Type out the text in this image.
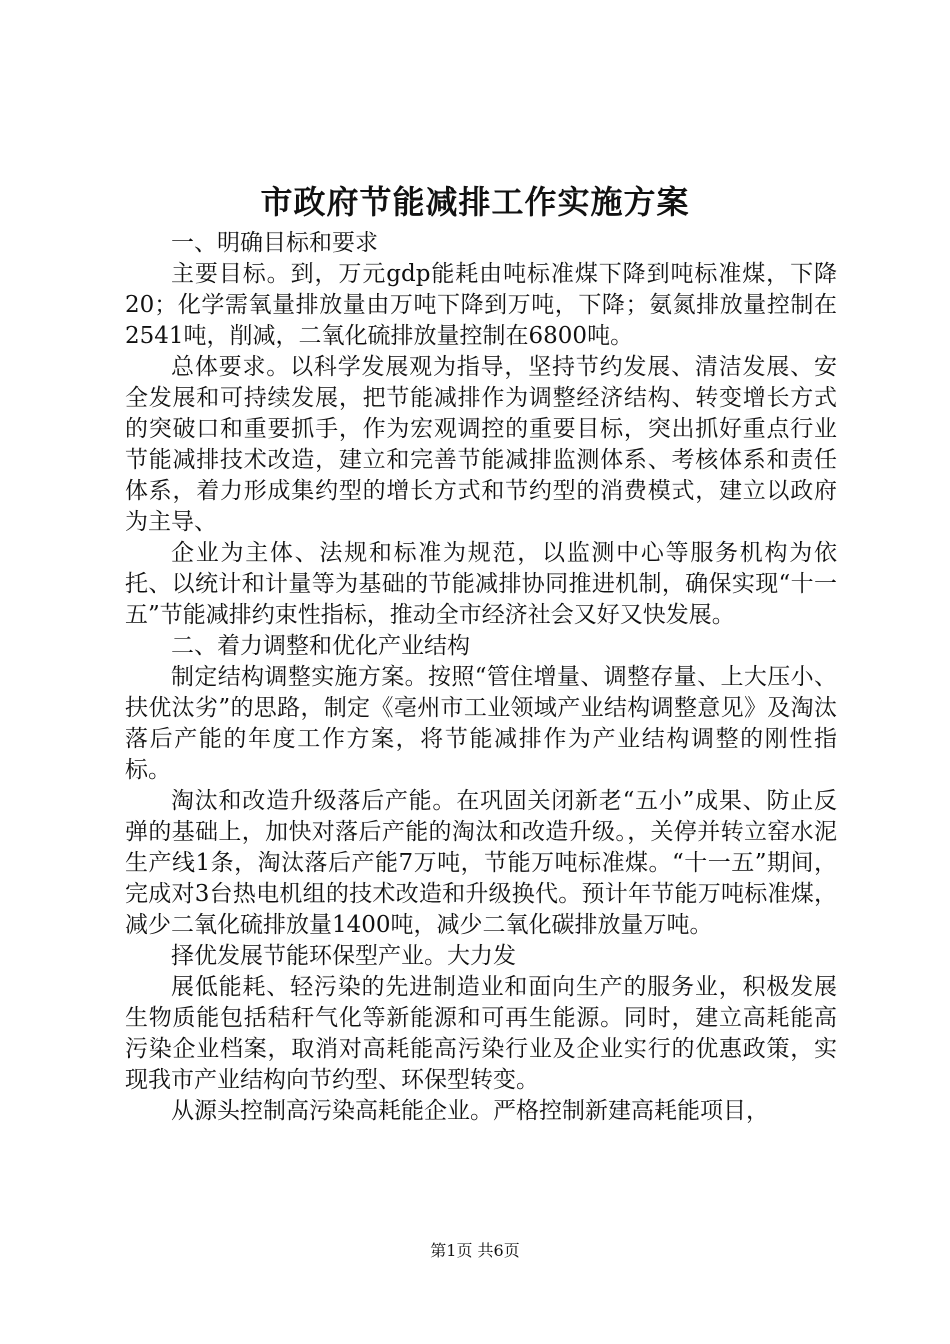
市政府节能减排工作实施方案

一、明确目标和要求

主要目标。到，万元gdp能耗由吨标准煤下降到吨标准煤，下降20；化学需氧量排放量由万吨下降到万吨，下降；氨氮排放量控制在2541吨，削减，二氧化硫排放量控制在6800吨。

总体要求。以科学发展观为指导，坚持节约发展、清洁发展、安全发展和可持续发展，把节能减排作为调整经济结构、转变增长方式的突破口和重要抓手，作为宏观调控的重要目标，突出抓好重点行业节能减排技术改造，建立和完善节能减排监测体系、考核体系和责任体系，着力形成集约型的增长方式和节约型的消费模式，建立以政府为主导、

企业为主体、法规和标准为规范，以监测中心等服务机构为依托、以统计和计量等为基础的节能减排协同推进机制，确保实现“十一五”节能减排约束性指标，推动全市经济社会又好又快发展。

二、着力调整和优化产业结构

制定结构调整实施方案。按照“管住增量、调整存量、上大压小、扶优汰劣”的思路，制定《亳州市工业领域产业结构调整意见》及淘汰落后产能的年度工作方案，将节能减排作为产业结构调整的刚性指标。

淘汰和改造升级落后产能。在巩固关闭新老“五小”成果、防止反弹的基础上，加快对落后产能的淘汰和改造升级。，关停并转立窑水泥生产线1条，淘汰落后产能7万吨，节能万吨标准煤。“十一五”期间，完成对3台热电机组的技术改造和升级换代。预计年节能万吨标准煤，减少二氧化硫排放量1400吨，减少二氧化碳排放量万吨。

择优发展节能环保型产业。大力发

展低能耗、轻污染的先进制造业和面向生产的服务业，积极发展生物质能包括秸秆气化等新能源和可再生能源。同时，建立高耗能高污染企业档案，取消对高耗能高污染行业及企业实行的优惠政策，实现我市产业结构向节约型、环保型转变。

从源头控制高污染高耗能企业。严格控制新建高耗能项目，

第1页 共6页
